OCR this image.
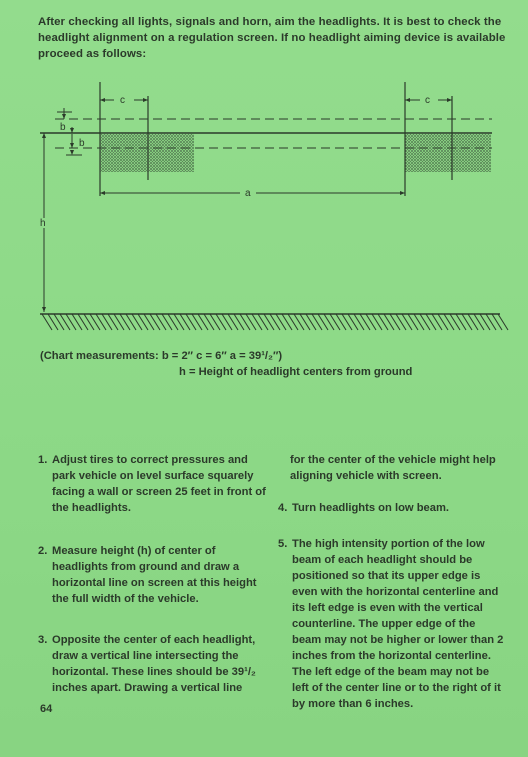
After checking all lights, signals and horn, aim the headlights. It is best to check the headlight alignment on a regulation screen. If no headlight aiming device is available proceed as follows:
c	c
b
b
a
h
(Chart measurements: b = 2″ c = 6″ a = 39¹/₂″)
h = Height of headlight centers from ground
1. Adjust tires to correct pressures and park vehicle on level surface squarely facing a wall or screen 25 feet in front of the headlights.
2. Measure height (h) of center of headlights from ground and draw a horizontal line on screen at this height the full width of the vehicle.
3. Opposite the center of each headlight, draw a vertical line intersecting the horizontal. These lines should be 39¹/₂ inches apart. Drawing a vertical line
for the center of the vehicle might help aligning vehicle with screen.
4. Turn headlights on low beam.
5. The high intensity portion of the low beam of each headlight should be positioned so that its upper edge is even with the horizontal centerline and its left edge is even with the vertical counterline. The upper edge of the beam may not be higher or lower than 2 inches from the horizontal centerline. The left edge of the beam may not be left of the center line or to the right of it by more than 6 inches.
64
